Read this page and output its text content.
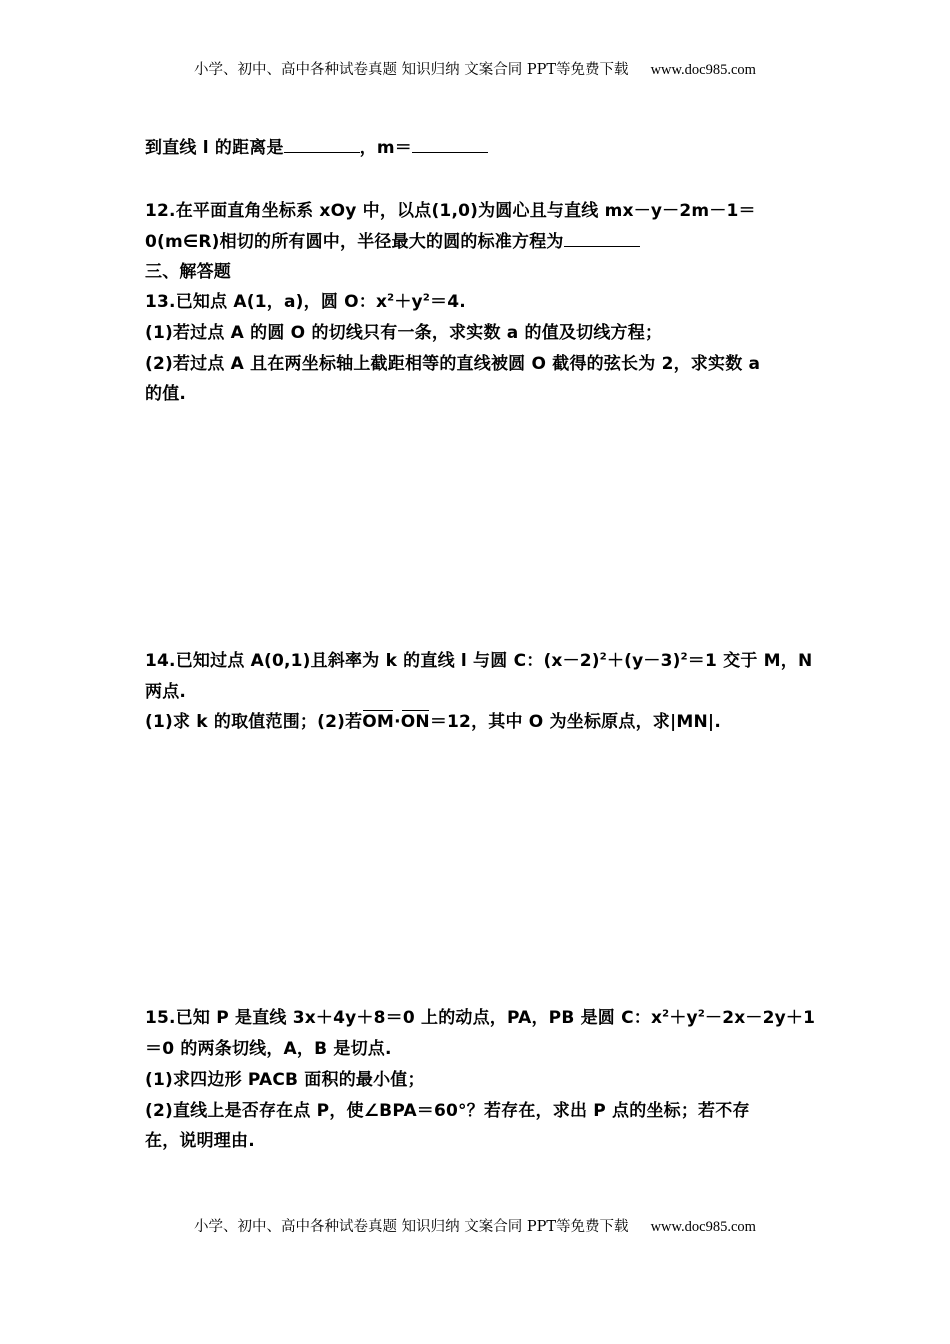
小学、初中、高中各种试卷真题 知识归纳 文案合同 PPT等免费下载 www.doc985.com
到直线 l 的距离是	，m＝
12.在平面直角坐标系 xOy 中，以点(1,0)为圆心且与直线 mx－y－2m－1＝
0(m∈R)相切的所有圆中，半径最大的圆的标准方程为
三、解答题
13.已知点 A(1，a)，圆 O：$x^2+y^2=4$.
(1)若过点 A 的圆 O 的切线只有一条，求实数 a 的值及切线方程；
(2)若过点 A 且在两坐标轴上截距相等的直线被圆 O 截得的弦长为 2，求实数 a
的值.
14.已知过点 A(0,1)且斜率为 k 的直线 l 与圆 C：$(x-2)^2+(y-3)^2=1$ 交于 M，N
两点.
(1)求 k 的取值范围；(2)若OM·ON＝12，其中 O 为坐标原点，求|MN|.
15.已知 P 是直线 3x＋4y＋8＝0 上的动点，PA，PB 是圆 C：$x^2+y^2-2x-2y+1$
＝0 的两条切线，A，B 是切点.
(1)求四边形 PACB 面积的最小值；
(2)直线上是否存在点 P，使∠BPA＝60°？若存在，求出 P 点的坐标；若不存
在，说明理由.
小学、初中、高中各种试卷真题 知识归纳 文案合同 PPT等免费下载 www.doc985.com
